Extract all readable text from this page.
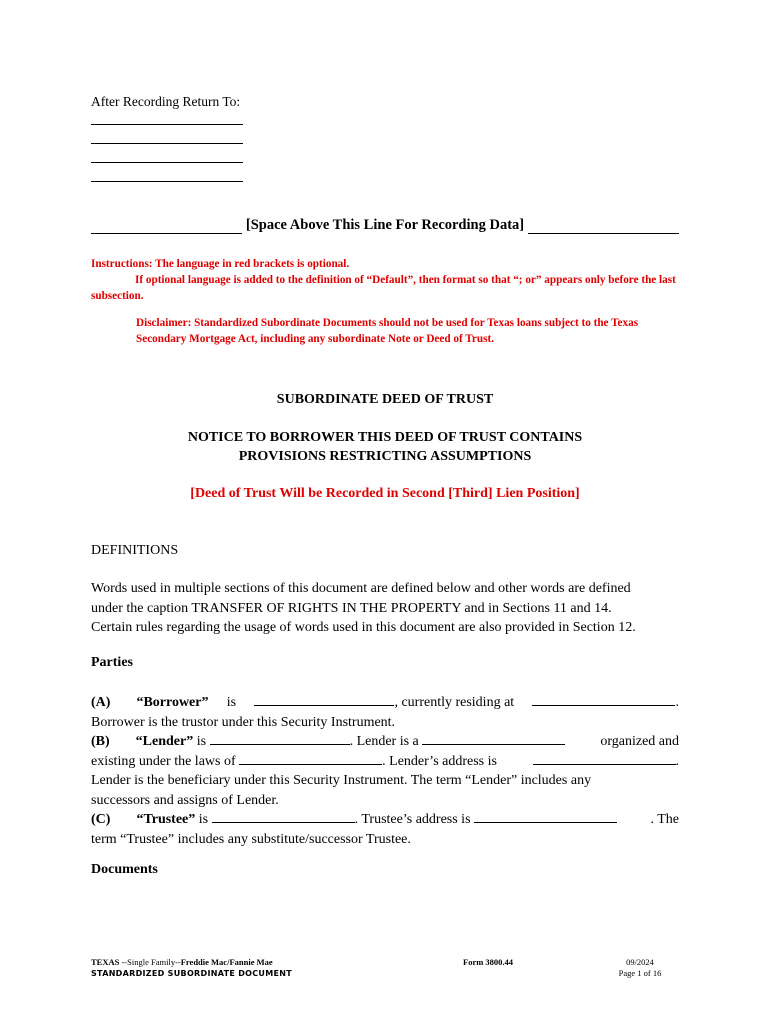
After Recording Return To:
[Space Above This Line For Recording Data]
Instructions: The language in red brackets is optional.
If optional language is added to the definition of “Default”, then format so that “; or” appears only before the last subsection.
Disclaimer: Standardized Subordinate Documents should not be used for Texas loans subject to the Texas Secondary Mortgage Act, including any subordinate Note or Deed of Trust.
SUBORDINATE DEED OF TRUST
NOTICE TO BORROWER THIS DEED OF TRUST CONTAINS
PROVISIONS RESTRICTING ASSUMPTIONS
[Deed of Trust Will be Recorded in Second [Third] Lien Position]
DEFINITIONS
Words used in multiple sections of this document are defined below and other words are defined
under the caption TRANSFER OF RIGHTS IN THE PROPERTY and in Sections 11 and 14.
Certain rules regarding the usage of words used in this document are also provided in Section 12.
Parties
(A) “Borrower” is	, currently residing at	.
Borrower is the trustor under this Security Instrument.
(B) “Lender” is	. Lender is a	organized and
existing under the laws of	. Lender’s address is	.
Lender is the beneficiary under this Security Instrument. The term “Lender” includes any
successors and assigns of Lender.
(C) “Trustee” is	. Trustee’s address is	. The
term “Trustee” includes any substitute/successor Trustee.
Documents
TEXAS --Single Family--Freddie Mac/Fannie Mae
STANDARDIZED SUBORDINATE DOCUMENT
Form 3800.44	09/2024
Page 1 of 16
